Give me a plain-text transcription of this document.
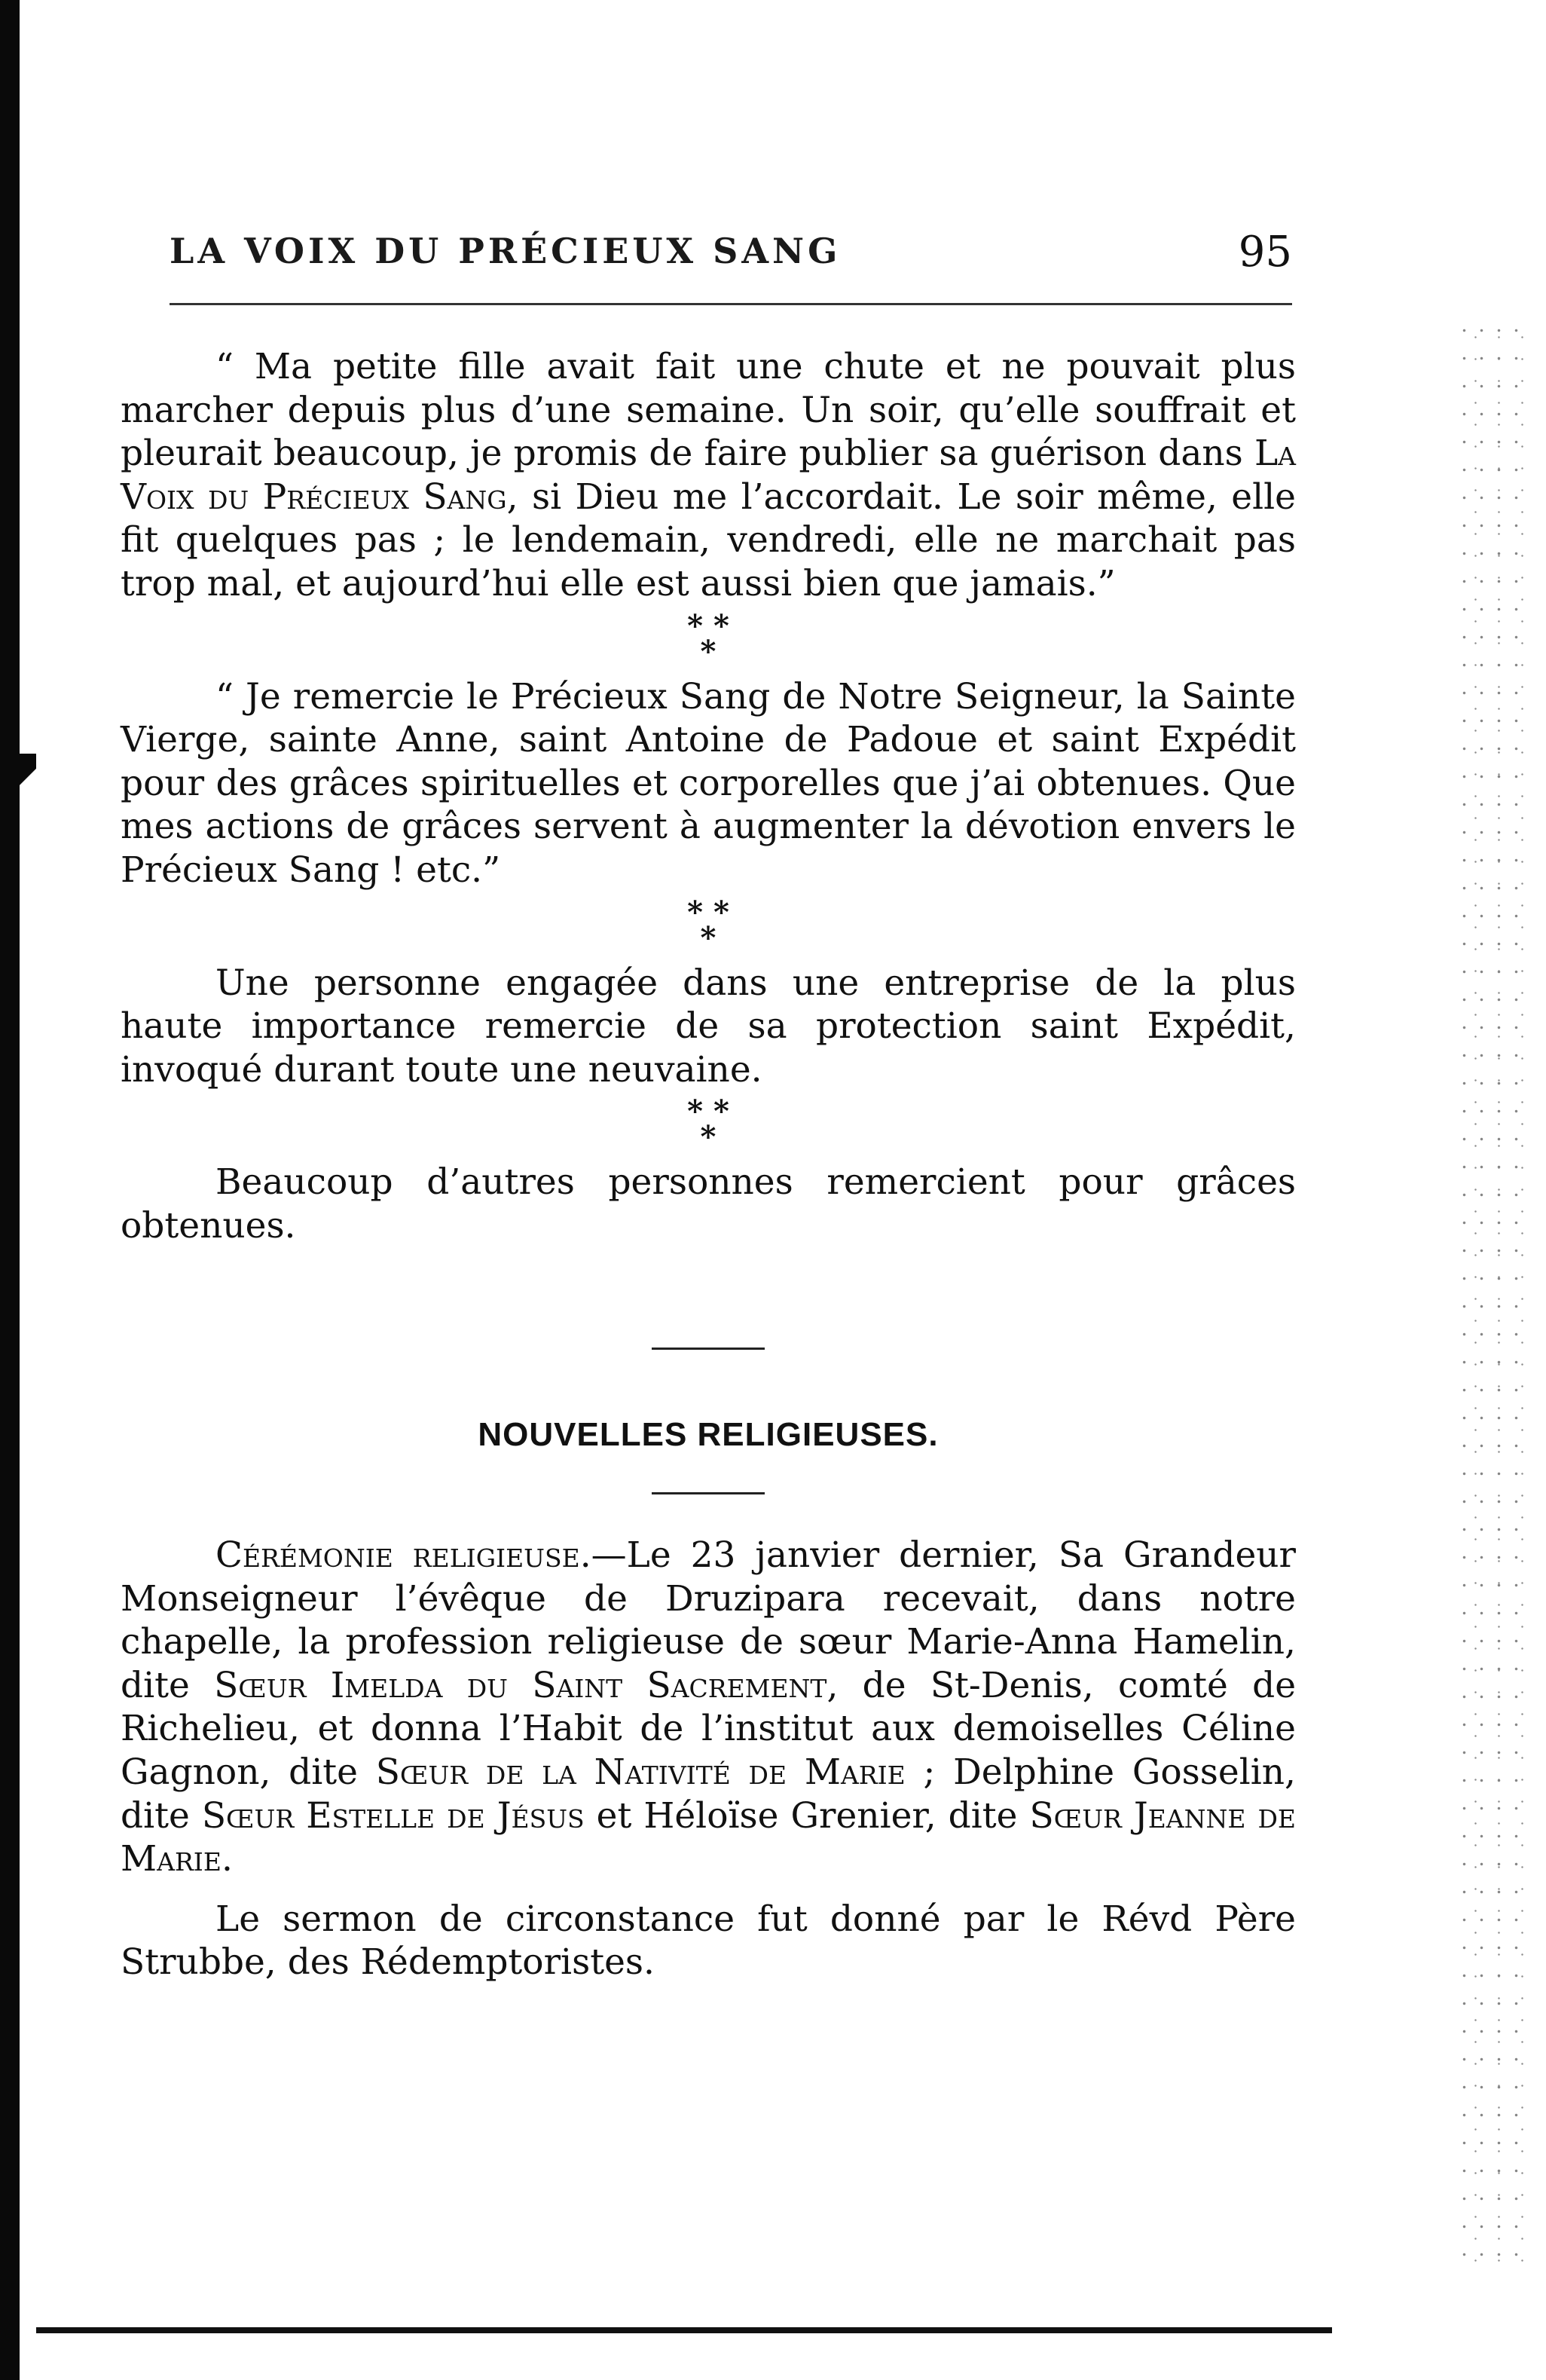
LA VOIX DU PRÉCIEUX SANG	95

“ Ma petite fille avait fait une chute et ne pouvait plus marcher depuis plus d’une semaine. Un soir, qu’elle souffrait et pleurait beaucoup, je promis de faire publier sa guérison dans La Voix du Précieux Sang, si Dieu me l’accordait. Le soir même, elle fit quelques pas ; le lendemain, vendredi, elle ne marchait pas trop mal, et aujourd’hui elle est aussi bien que jamais.”

* *
*

“ Je remercie le Précieux Sang de Notre Seigneur, la Sainte Vierge, sainte Anne, saint Antoine de Padoue et saint Expédit pour des grâces spirituelles et corporelles que j’ai obtenues. Que mes actions de grâces servent à augmenter la dévotion envers le Précieux Sang ! etc.”

* *
*

Une personne engagée dans une entreprise de la plus haute importance remercie de sa protection saint Expédit, invoqué durant toute une neuvaine.

* *
*

Beaucoup d’autres personnes remercient pour grâces obtenues.

NOUVELLES RELIGIEUSES.

Cérémonie religieuse.—Le 23 janvier dernier, Sa Grandeur Monseigneur l’évêque de Druzipara recevait, dans notre chapelle, la profession religieuse de sœur Marie-Anna Hamelin, dite Sœur Imelda du Saint Sacrement, de St-Denis, comté de Richelieu, et donna l’Habit de l’institut aux demoiselles Céline Gagnon, dite Sœur de la Nativité de Marie ; Delphine Gosselin, dite Sœur Estelle de Jésus et Héloïse Grenier, dite Sœur Jeanne de Marie.

Le sermon de circonstance fut donné par le Révd Père Strubbe, des Rédemptoristes.
